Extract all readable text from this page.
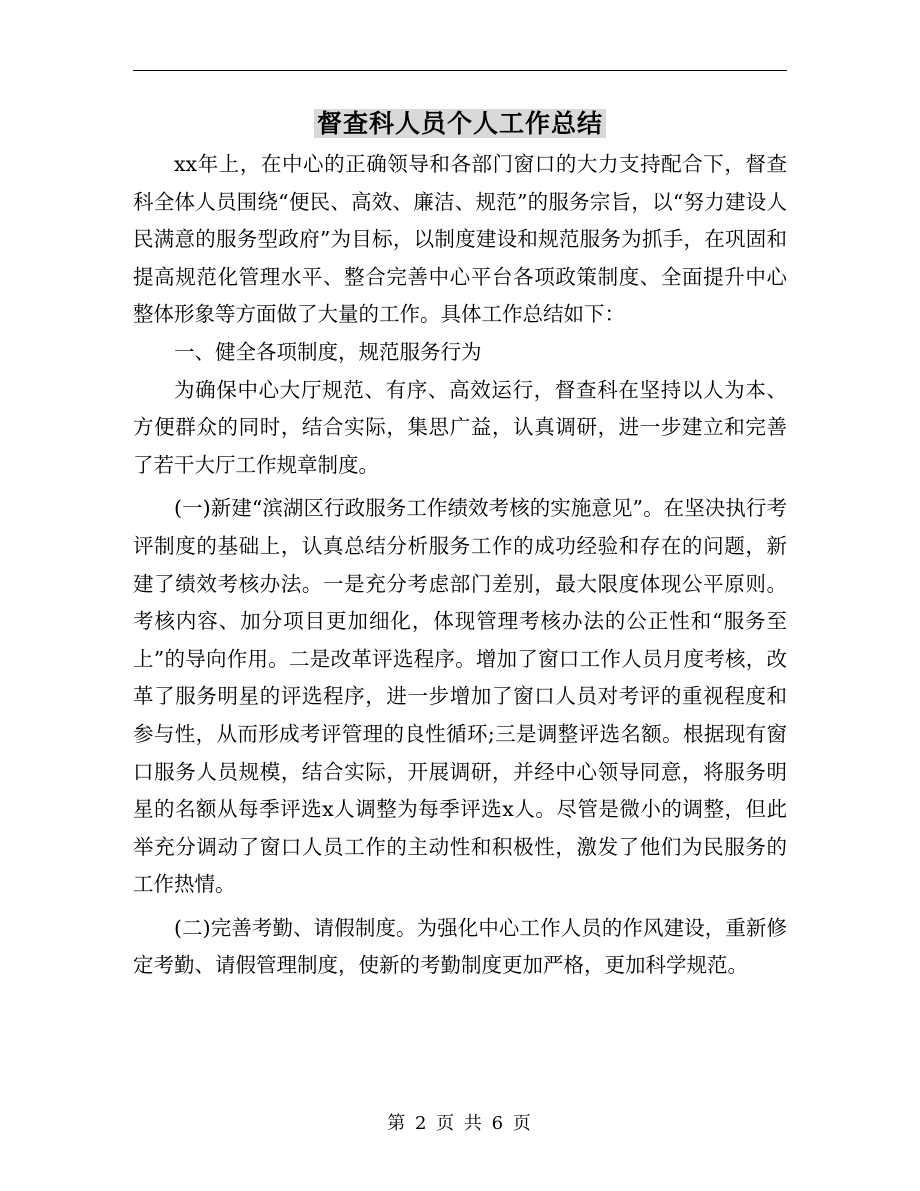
督查科人员个人工作总结

xx年上，在中心的正确领导和各部门窗口的大力支持配合下，督查科全体人员围绕“便民、高效、廉洁、规范”的服务宗旨，以“努力建设人民满意的服务型政府”为目标，以制度建设和规范服务为抓手，在巩固和提高规范化管理水平、整合完善中心平台各项政策制度、全面提升中心整体形象等方面做了大量的工作。具体工作总结如下：

一、健全各项制度，规范服务行为

为确保中心大厅规范、有序、高效运行，督查科在坚持以人为本、方便群众的同时，结合实际，集思广益，认真调研，进一步建立和完善了若干大厅工作规章制度。

(一)新建“滨湖区行政服务工作绩效考核的实施意见”。在坚决执行考评制度的基础上，认真总结分析服务工作的成功经验和存在的问题，新建了绩效考核办法。一是充分考虑部门差别，最大限度体现公平原则。考核内容、加分项目更加细化，体现管理考核办法的公正性和“服务至上”的导向作用。二是改革评选程序。增加了窗口工作人员月度考核，改革了服务明星的评选程序，进一步增加了窗口人员对考评的重视程度和参与性，从而形成考评管理的良性循环;三是调整评选名额。根据现有窗口服务人员规模，结合实际，开展调研，并经中心领导同意，将服务明星的名额从每季评选x人调整为每季评选x人。尽管是微小的调整，但此举充分调动了窗口人员工作的主动性和积极性，激发了他们为民服务的工作热情。

(二)完善考勤、请假制度。为强化中心工作人员的作风建设，重新修定考勤、请假管理制度，使新的考勤制度更加严格，更加科学规范。

第 2 页 共 6 页
